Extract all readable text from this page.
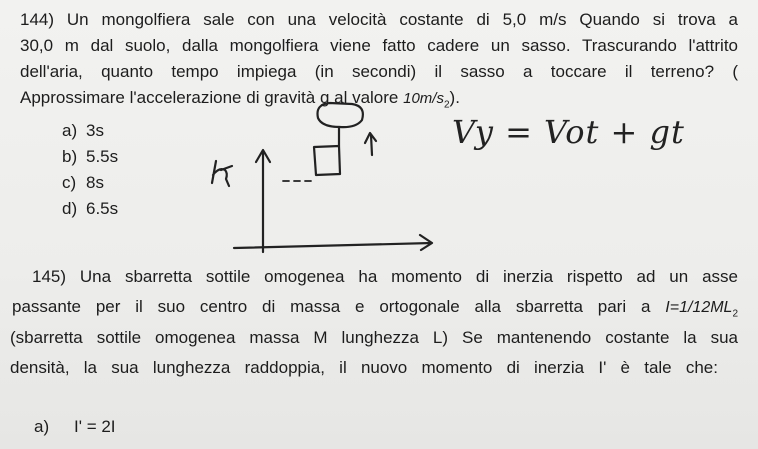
144) Un mongolfiera sale con una velocità costante di 5,0 m/s Quando si trova a
30,0 m dal suolo, dalla mongolfiera viene fatto cadere un sasso. Trascurando l'attrito
dell'aria, quanto tempo impiega (in secondi) il sasso a toccare il terreno? (
Approssimare l'accelerazione di gravità g al valore $10m/s_2$).
a) 3s
b) 5.5s
c) 8s
d) 6.5s
Vy = Vot + gt
h
145) Una sbarretta sottile omogenea ha momento di inerzia rispetto ad un asse
passante per il suo centro di massa e ortogonale alla sbarretta pari a $I=1/12ML_2$
(sbarretta sottile omogenea massa M lunghezza L) Se mantenendo costante la sua
densità, la sua lunghezza raddoppia, il nuovo momento di inerzia I' è tale che:
a) I' = 2I
